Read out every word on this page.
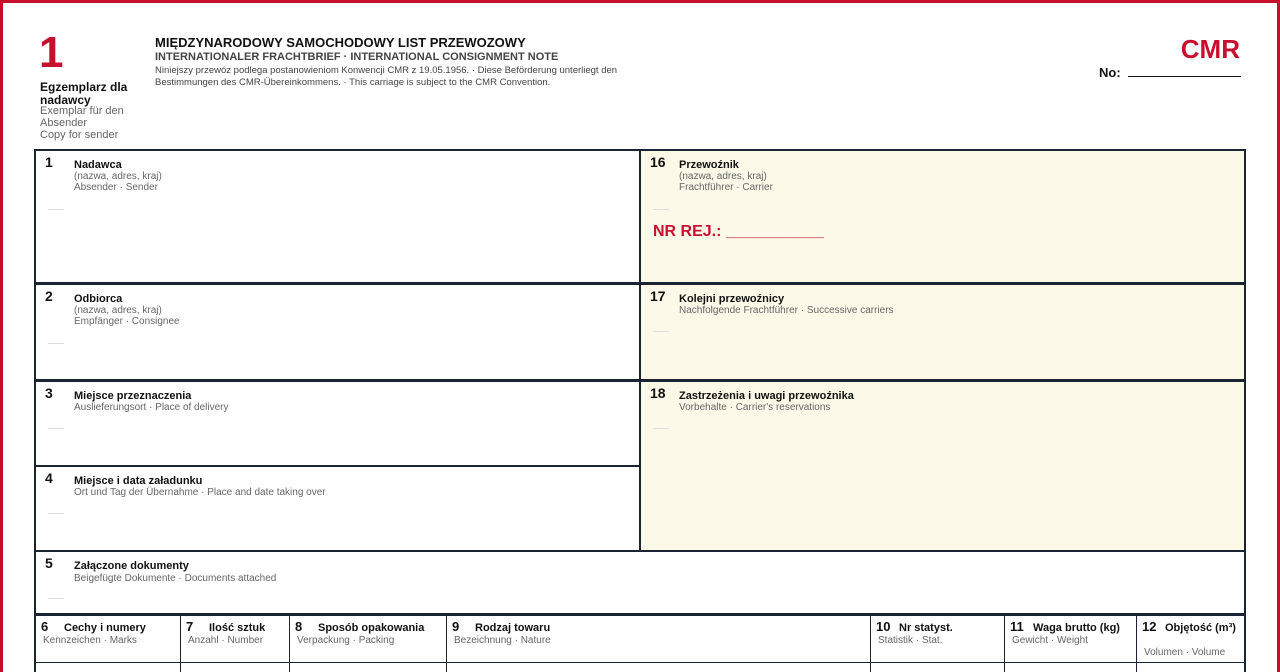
1
Egzemplarz dla nadawcy
Exemplar für den Absender
Copy for sender
MIĘDZYNARODOWY SAMOCHODOWY LIST PRZEWOZOWY
INTERNATIONALER FRACHTBRIEF · INTERNATIONAL CONSIGNMENT NOTE
Niniejszy przewóz podlega postanowieniom Konwencji CMR z 19.05.1956. · Diese Beförderung unterliegt den Bestimmungen des CMR-Übereinkommens. · This carriage is subject to the CMR Convention.
CMR
No:
1 Nadawca
(nazwa, adres, kraj)
Absender · Sender
16 Przewoźnik
(nazwa, adres, kraj)
Frachtführer · Carrier
NR REJ.: ___________
2 Odbiorca
(nazwa, adres, kraj)
Empfänger · Consignee
17 Kolejni przewoźnicy
Nachfolgende Frachtführer · Successive carriers
3 Miejsce przeznaczenia
Auslieferungsort · Place of delivery
18 Zastrzeżenia i uwagi przewoźnika
Vorbehalte · Carrier's reservations
4 Miejsce i data załadunku
Ort und Tag der Übernahme · Place and date taking over
5 Załączone dokumenty
Beigefügte Dokumente · Documents attached
6 Cechy i numery
Kennzeichen · Marks
7 Ilość sztuk
Anzahl · Number
8 Sposób opakowania
Verpackung · Packing
9 Rodzaj towaru
Bezeichnung · Nature
10 Nr statyst.
Statistik · Stat.
11 Waga brutto (kg)
Gewicht · Weight
12 Objętość (m³)
Volumen · Volume
